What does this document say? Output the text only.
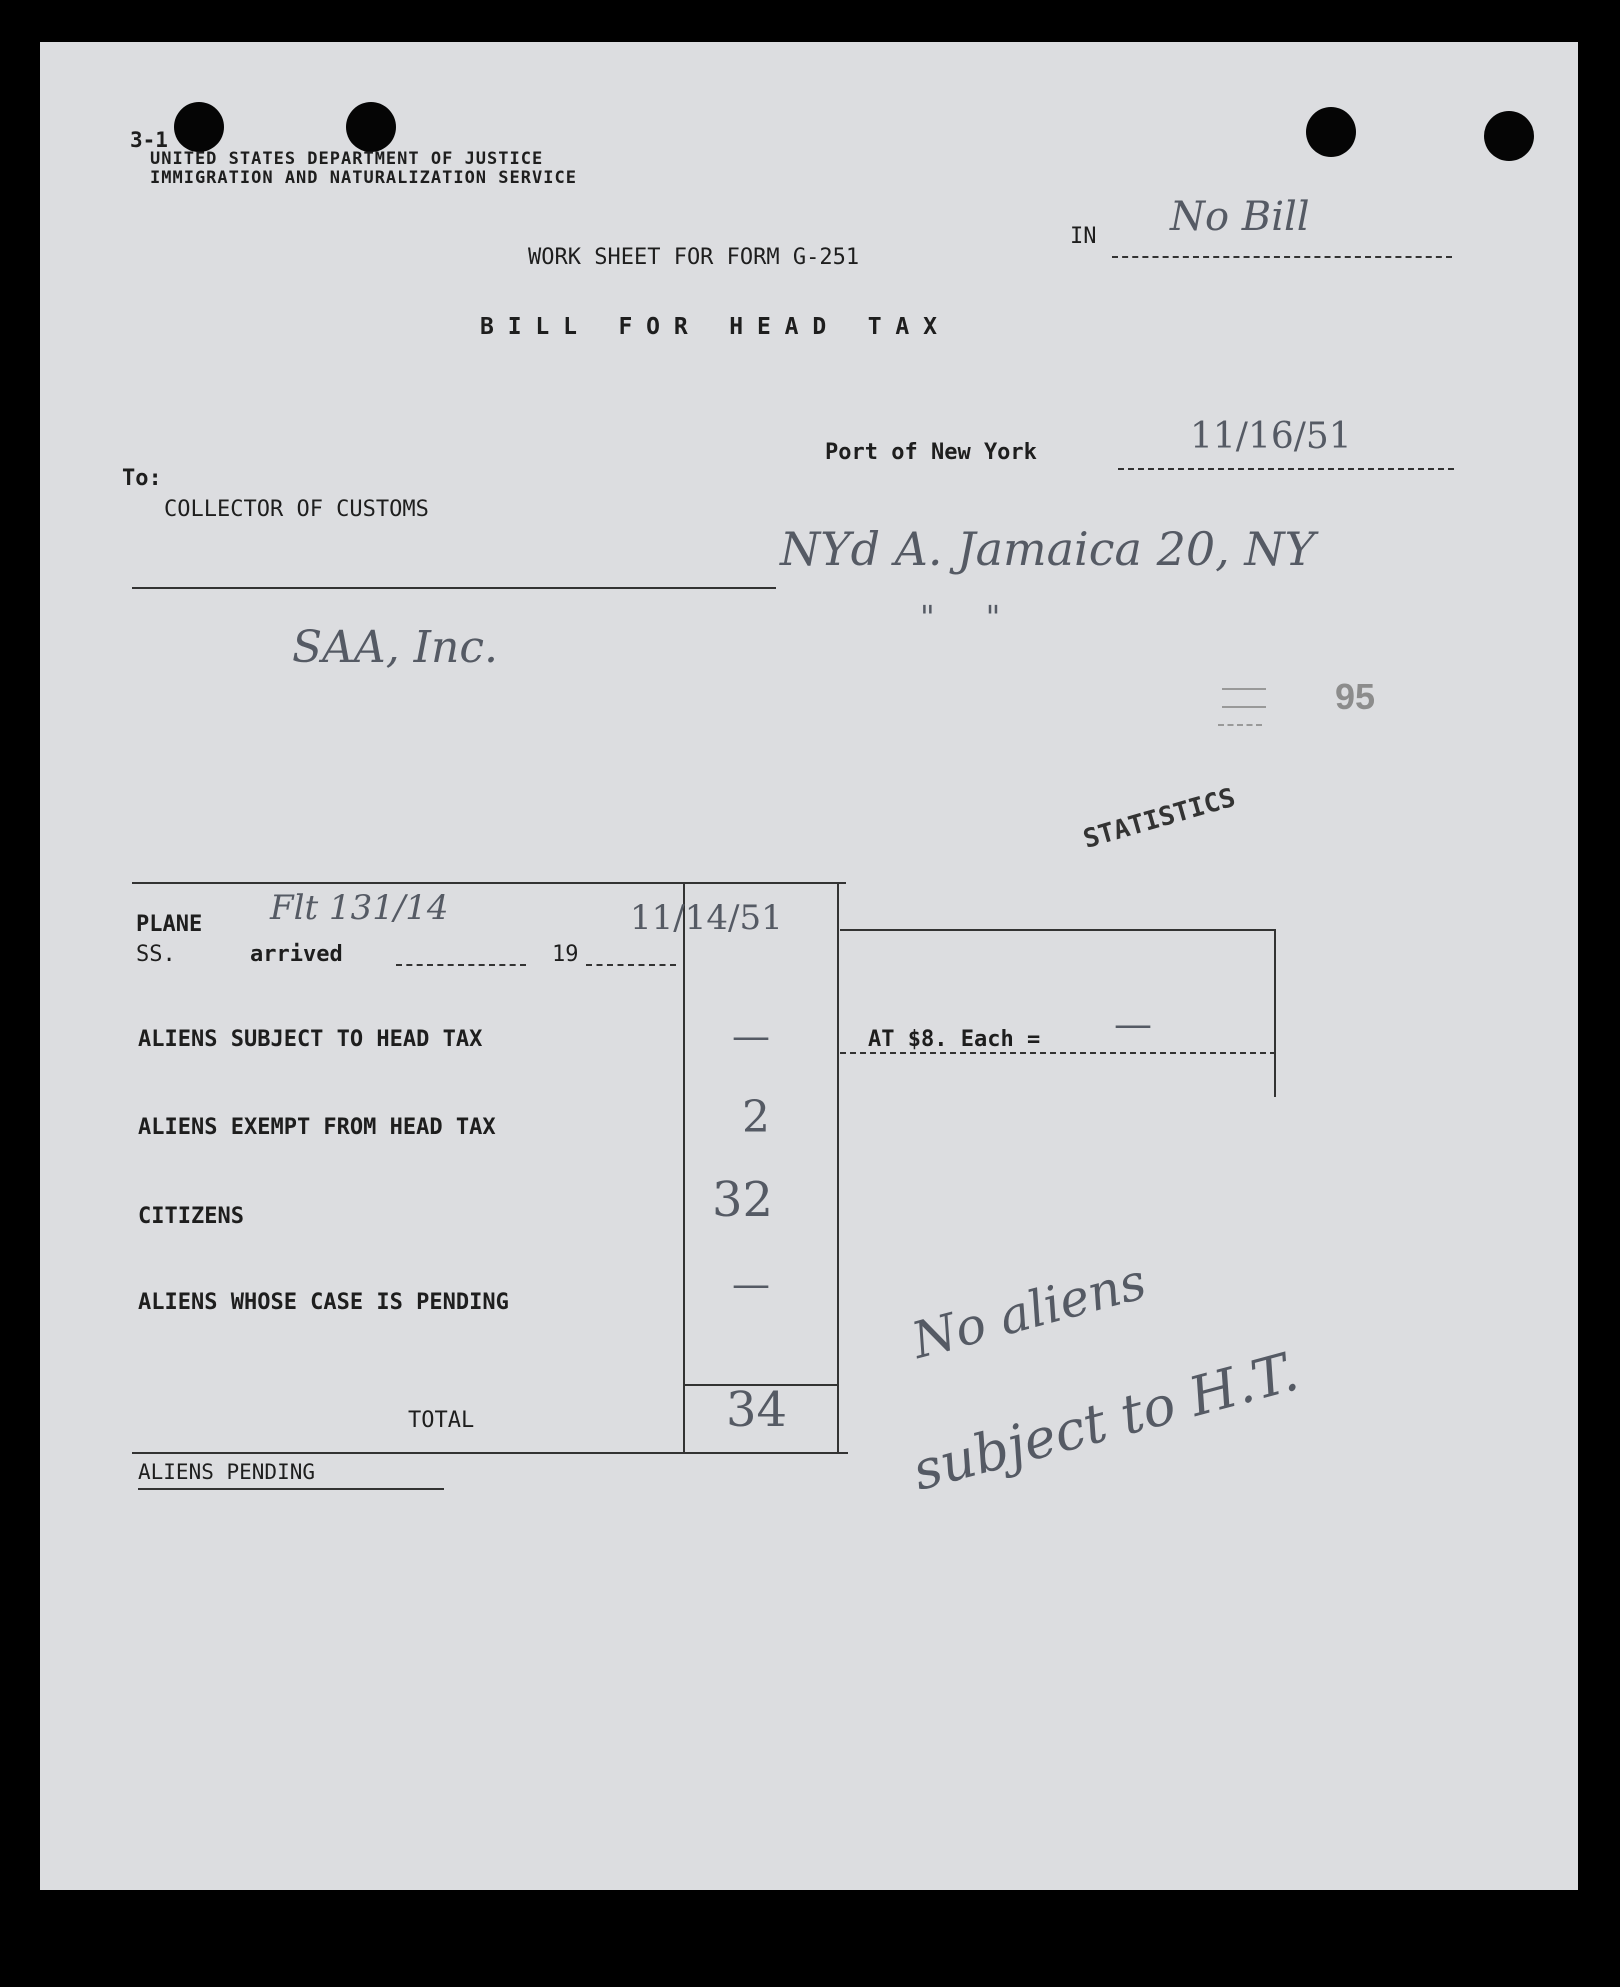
3-1
UNITED STATES DEPARTMENT OF JUSTICE
IMMIGRATION AND NATURALIZATION SERVICE
IN No Bill
WORK SHEET FOR FORM G-251
B I L L   F O R   H E A D   T A X
Port of New York	11/16/51
To:
COLLECTOR OF CUSTOMS
NYd A. Jamaica 20, NY
"     "
SAA, Inc.
95
STATISTICS
PLANE
SS.	arrived	19
Flt 131/14	11/14/51
ALIENS SUBJECT TO HEAD TAX	—	AT $8. Each = —
ALIENS EXEMPT FROM HEAD TAX	2
CITIZENS	32
ALIENS WHOSE CASE IS PENDING	—
TOTAL	34
ALIENS PENDING
No aliens
subject to H.T.
